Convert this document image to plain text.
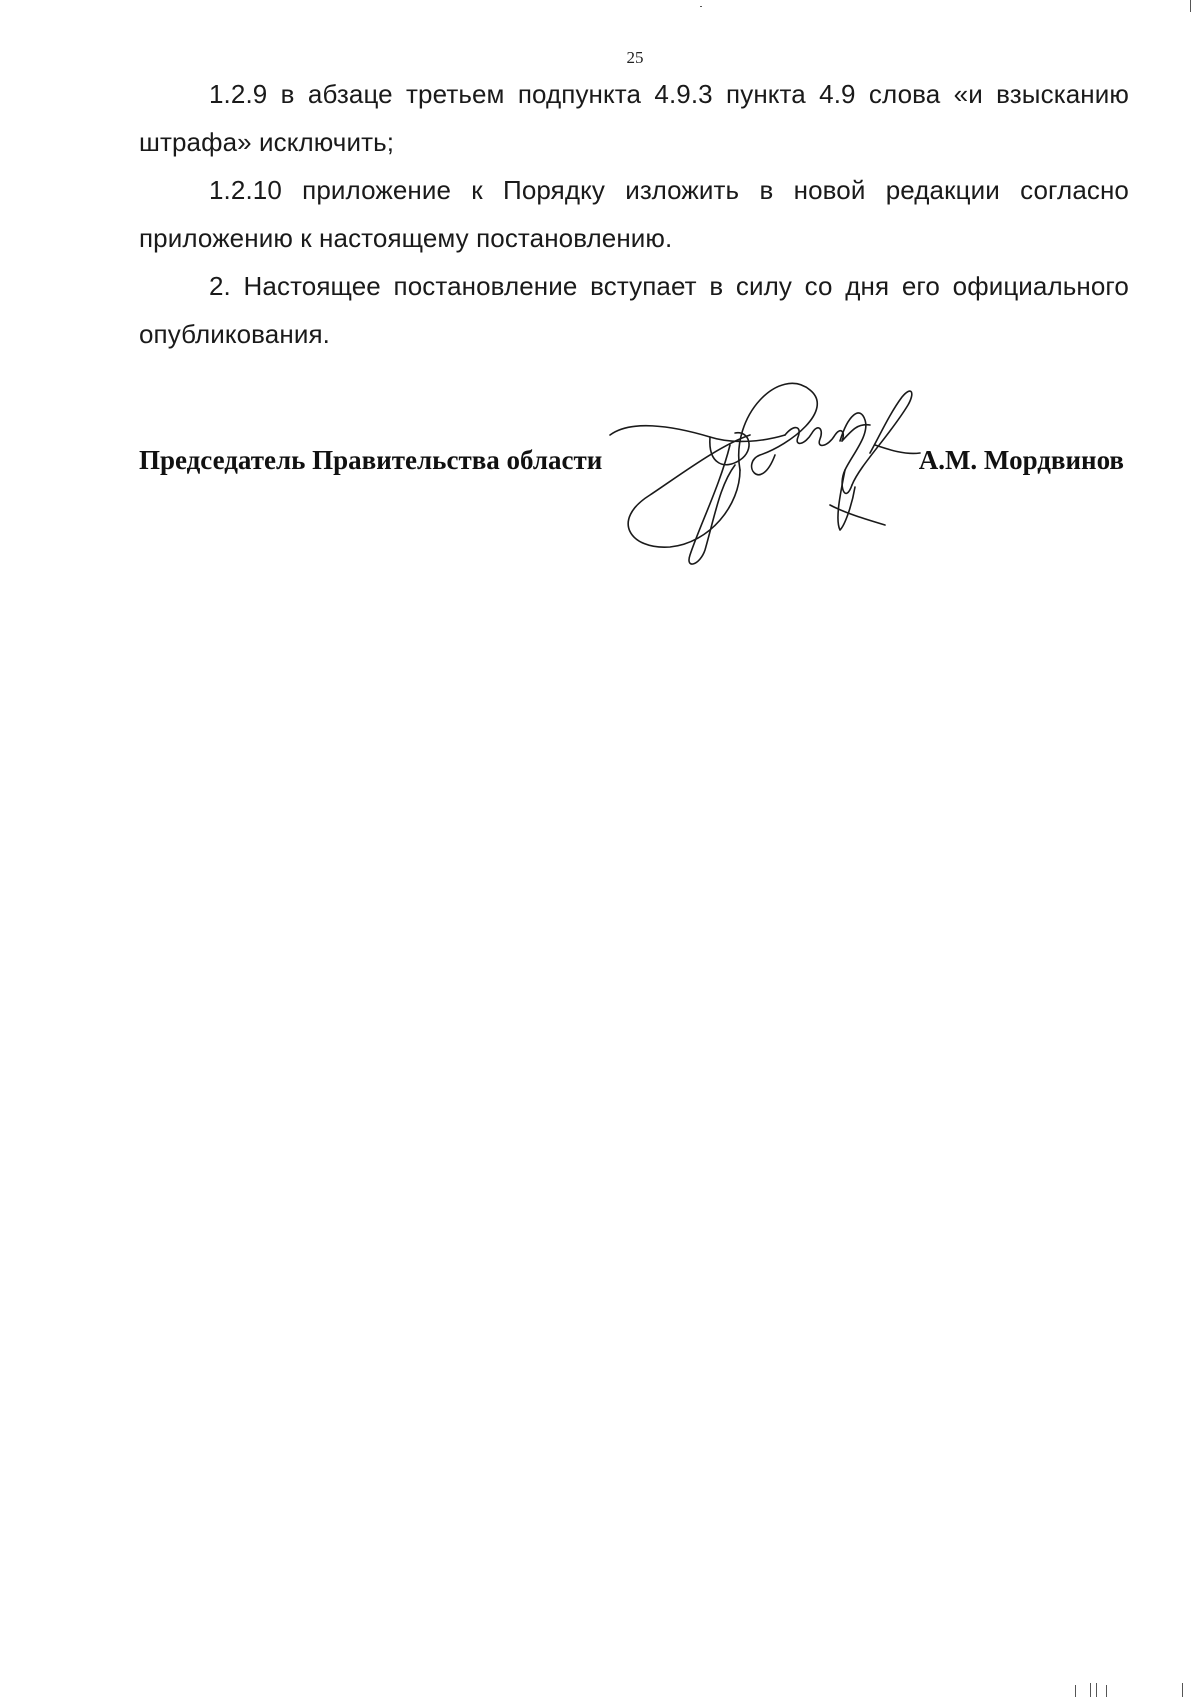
25

1.2.9 в абзаце третьем подпункта 4.9.3 пункта 4.9 слова «и взысканию штрафа» исключить;

1.2.10 приложение к Порядку изложить в новой редакции согласно приложению к настоящему постановлению.

2. Настоящее постановление вступает в силу со дня его официального опубликования.

Председатель Правительства области	А.М. Мордвинов
